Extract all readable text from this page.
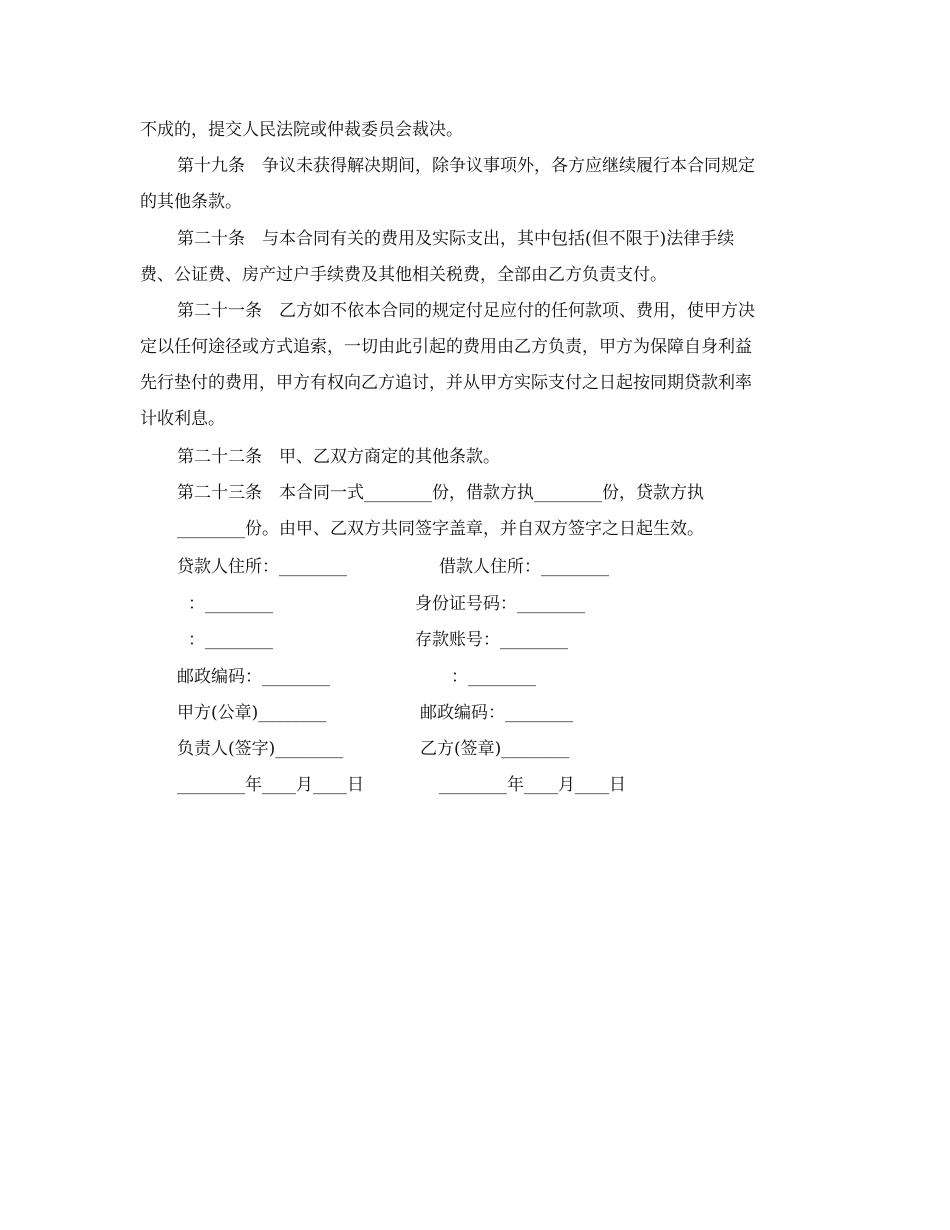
不成的，提交人民法院或仲裁委员会裁决。
第十九条　争议未获得解决期间，除争议事项外，各方应继续履行本合同规定
的其他条款。
第二十条　与本合同有关的费用及实际支出，其中包括(但不限于)法律手续
费、公证费、房产过户手续费及其他相关税费，全部由乙方负责支付。
第二十一条　乙方如不依本合同的规定付足应付的任何款项、费用，使甲方决
定以任何途径或方式追索，一切由此引起的费用由乙方负责，甲方为保障自身利益
先行垫付的费用，甲方有权向乙方追讨，并从甲方实际支付之日起按同期贷款利率
计收利息。
第二十二条　甲、乙双方商定的其他条款。
第二十三条　本合同一式________份，借款方执________份，贷款方执
________份。由甲、乙双方共同签字盖章，并自双方签字之日起生效。
贷款人住所：________
：________
：________
邮政编码：________
甲方(公章)________
负责人(签字)________
________年____月____日
借款人住所：________
身份证号码：________
存款账号：________
：________
邮政编码：________
乙方(签章)________
________年____月____日
